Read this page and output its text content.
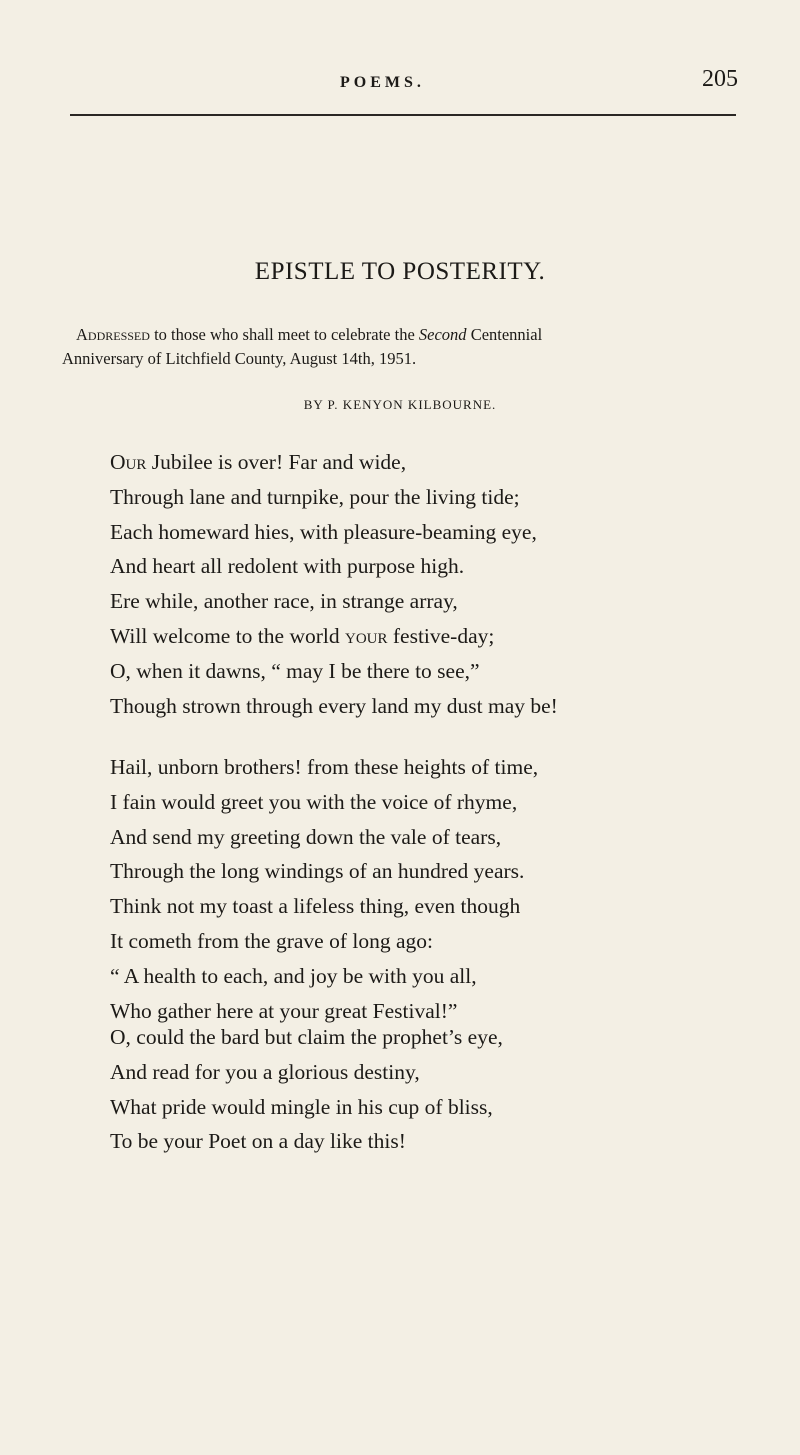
POEMS.	205
EPISTLE TO POSTERITY.
Addressed to those who shall meet to celebrate the Second Centennial
Anniversary of Litchfield County, August 14th, 1951.
BY P. KENYON KILBOURNE.
Our Jubilee is over! Far and wide,
Through lane and turnpike, pour the living tide;
Each homeward hies, with pleasure-beaming eye,
And heart all redolent with purpose high.
Ere while, another race, in strange array,
Will welcome to the world your festive-day;
O, when it dawns, “ may I be there to see,”
Though strown through every land my dust may be!
Hail, unborn brothers! from these heights of time,
I fain would greet you with the voice of rhyme,
And send my greeting down the vale of tears,
Through the long windings of an hundred years.
Think not my toast a lifeless thing, even though
It cometh from the grave of long ago:
“ A health to each, and joy be with you all,
Who gather here at your great Festival!”
O, could the bard but claim the prophet’s eye,
And read for you a glorious destiny,
What pride would mingle in his cup of bliss,
To be your Poet on a day like this!
